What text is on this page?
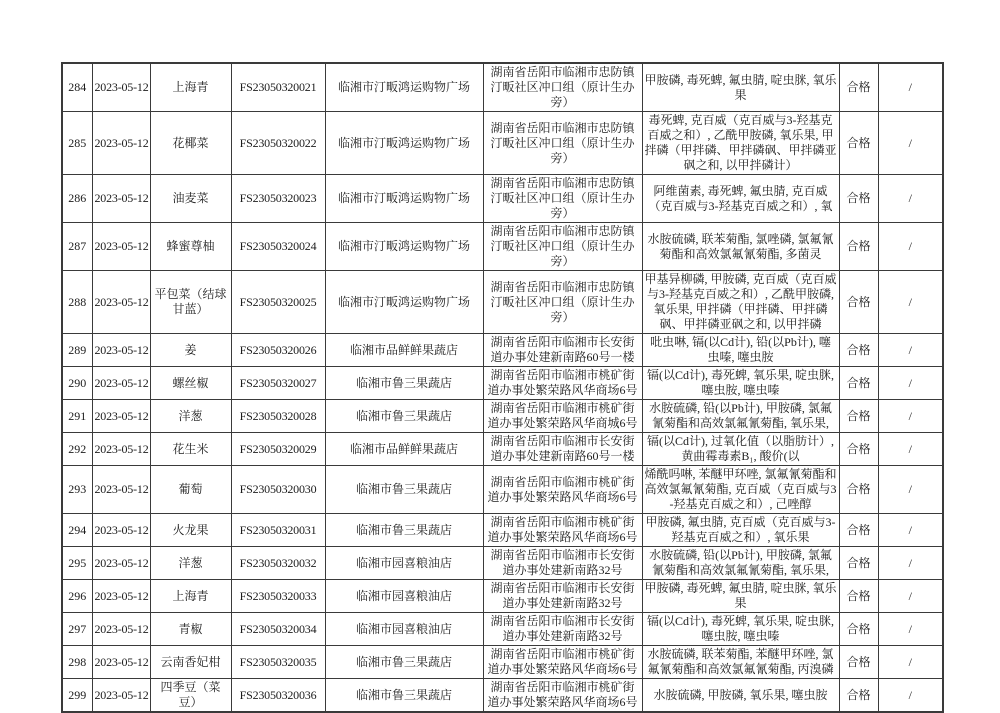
284	2023-05-12	上海青	FS23050320021	临湘市汀畈鸿运购物广场	湖南省岳阳市临湘市忠防镇汀畈社区冲口组（原计生办旁）	甲胺磷, 毒死蜱, 氟虫腈, 啶虫脒, 氧乐果	合格	/
285	2023-05-12	花椰菜	FS23050320022	临湘市汀畈鸿运购物广场	湖南省岳阳市临湘市忠防镇汀畈社区冲口组（原计生办旁）	毒死蜱, 克百威（克百威与3-羟基克百威之和）, 乙酰甲胺磷, 氧乐果, 甲拌磷（甲拌磷、甲拌磷砜、甲拌磷亚砜之和, 以甲拌磷计）	合格	/
286	2023-05-12	油麦菜	FS23050320023	临湘市汀畈鸿运购物广场	湖南省岳阳市临湘市忠防镇汀畈社区冲口组（原计生办旁）	阿维菌素, 毒死蜱, 氟虫腈, 克百威（克百威与3-羟基克百威之和）, 氧	合格	/
287	2023-05-12	蜂蜜尊柚	FS23050320024	临湘市汀畈鸿运购物广场	湖南省岳阳市临湘市忠防镇汀畈社区冲口组（原计生办旁）	水胺硫磷, 联苯菊酯, 氯唑磷, 氯氟氰菊酯和高效氯氟氰菊酯, 多菌灵	合格	/
288	2023-05-12	平包菜（结球甘蓝）	FS23050320025	临湘市汀畈鸿运购物广场	湖南省岳阳市临湘市忠防镇汀畈社区冲口组（原计生办旁）	甲基异柳磷, 甲胺磷, 克百威（克百威与3-羟基克百威之和）, 乙酰甲胺磷, 氧乐果, 甲拌磷（甲拌磷、甲拌磷砜、甲拌磷亚砜之和, 以甲拌磷	合格	/
289	2023-05-12	姜	FS23050320026	临湘市品鲜鲜果蔬店	湖南省岳阳市临湘市长安街道办事处建新南路60号一楼	吡虫啉, 镉(以Cd计), 铅(以Pb计), 噻虫嗪, 噻虫胺	合格	/
290	2023-05-12	螺丝椒	FS23050320027	临湘市鲁三果蔬店	湖南省岳阳市临湘市桃矿街道办事处繁荣路风华商场6号	镉(以Cd计), 毒死蜱, 氧乐果, 啶虫脒, 噻虫胺, 噻虫嗪	合格	/
291	2023-05-12	洋葱	FS23050320028	临湘市鲁三果蔬店	湖南省岳阳市临湘市桃矿街道办事处繁荣路风华商城6号	水胺硫磷, 铅(以Pb计), 甲胺磷, 氯氟氰菊酯和高效氯氟氰菊酯, 氧乐果,	合格	/
292	2023-05-12	花生米	FS23050320029	临湘市品鲜鲜果蔬店	湖南省岳阳市临湘市长安街道办事处建新南路60号一楼	镉(以Cd计), 过氧化值（以脂肪计）, 黄曲霉毒素B₁, 酸价(以	合格	/
293	2023-05-12	葡萄	FS23050320030	临湘市鲁三果蔬店	湖南省岳阳市临湘市桃矿街道办事处繁荣路风华商场6号	烯酰吗啉, 苯醚甲环唑, 氯氟氰菊酯和高效氯氟氰菊酯, 克百威（克百威与3-羟基克百威之和）, 己唑醇	合格	/
294	2023-05-12	火龙果	FS23050320031	临湘市鲁三果蔬店	湖南省岳阳市临湘市桃矿街道办事处繁荣路风华商场6号	甲胺磷, 氟虫腈, 克百威（克百威与3-羟基克百威之和）, 氧乐果	合格	/
295	2023-05-12	洋葱	FS23050320032	临湘市园喜粮油店	湖南省岳阳市临湘市长安街道办事处建新南路32号	水胺硫磷, 铅(以Pb计), 甲胺磷, 氯氟氰菊酯和高效氯氟氰菊酯, 氧乐果,	合格	/
296	2023-05-12	上海青	FS23050320033	临湘市园喜粮油店	湖南省岳阳市临湘市长安街道办事处建新南路32号	甲胺磷, 毒死蜱, 氟虫腈, 啶虫脒, 氧乐果	合格	/
297	2023-05-12	青椒	FS23050320034	临湘市园喜粮油店	湖南省岳阳市临湘市长安街道办事处建新南路32号	镉(以Cd计), 毒死蜱, 氧乐果, 啶虫脒, 噻虫胺, 噻虫嗪	合格	/
298	2023-05-12	云南香妃柑	FS23050320035	临湘市鲁三果蔬店	湖南省岳阳市临湘市桃矿街道办事处繁荣路风华商场6号	水胺硫磷, 联苯菊酯, 苯醚甲环唑, 氯氟氰菊酯和高效氯氟氰菊酯, 丙溴磷	合格	/
299	2023-05-12	四季豆（菜豆）	FS23050320036	临湘市鲁三果蔬店	湖南省岳阳市临湘市桃矿街道办事处繁荣路风华商场6号	水胺硫磷, 甲胺磷, 氧乐果, 噻虫胺	合格	/
